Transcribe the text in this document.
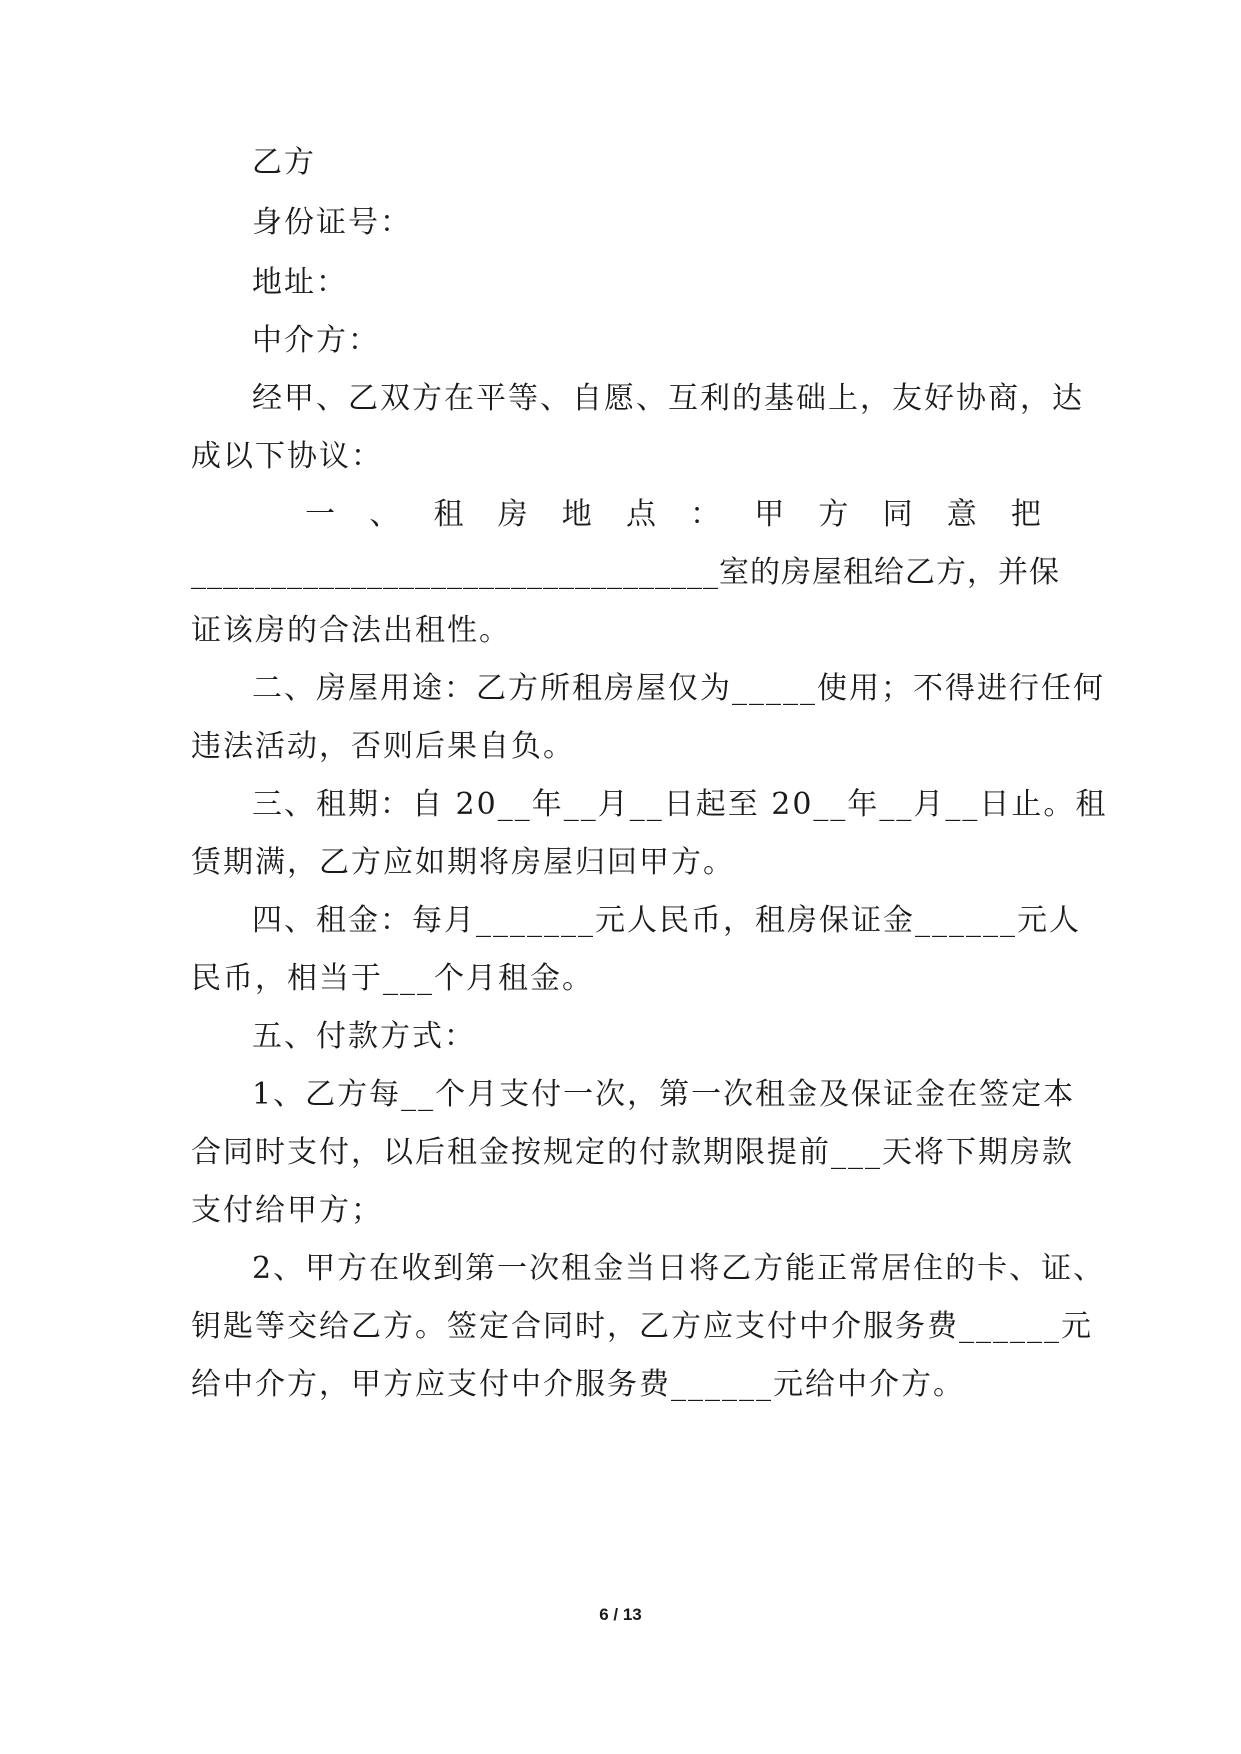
乙方
身份证号：
地址：
中介方：
经甲、乙双方在平等、自愿、互利的基础上，友好协商，达
成以下协议：
一 、 租 房 地 点 ： 甲 方 同 意 把
_________________________________室的房屋租给乙方，并保
证该房的合法出租性。
二、房屋用途：乙方所租房屋仅为_____使用；不得进行任何
违法活动，否则后果自负。
三、租期：自 20__年__月__日起至 20__年__月__日止。租
赁期满，乙方应如期将房屋归回甲方。
四、租金：每月_______元人民币，租房保证金______元人
民币，相当于___个月租金。
五、付款方式：
1、乙方每__个月支付一次，第一次租金及保证金在签定本
合同时支付，以后租金按规定的付款期限提前___天将下期房款
支付给甲方；
2、甲方在收到第一次租金当日将乙方能正常居住的卡、证、
钥匙等交给乙方。签定合同时，乙方应支付中介服务费______元
给中介方，甲方应支付中介服务费______元给中介方。
6 / 13
